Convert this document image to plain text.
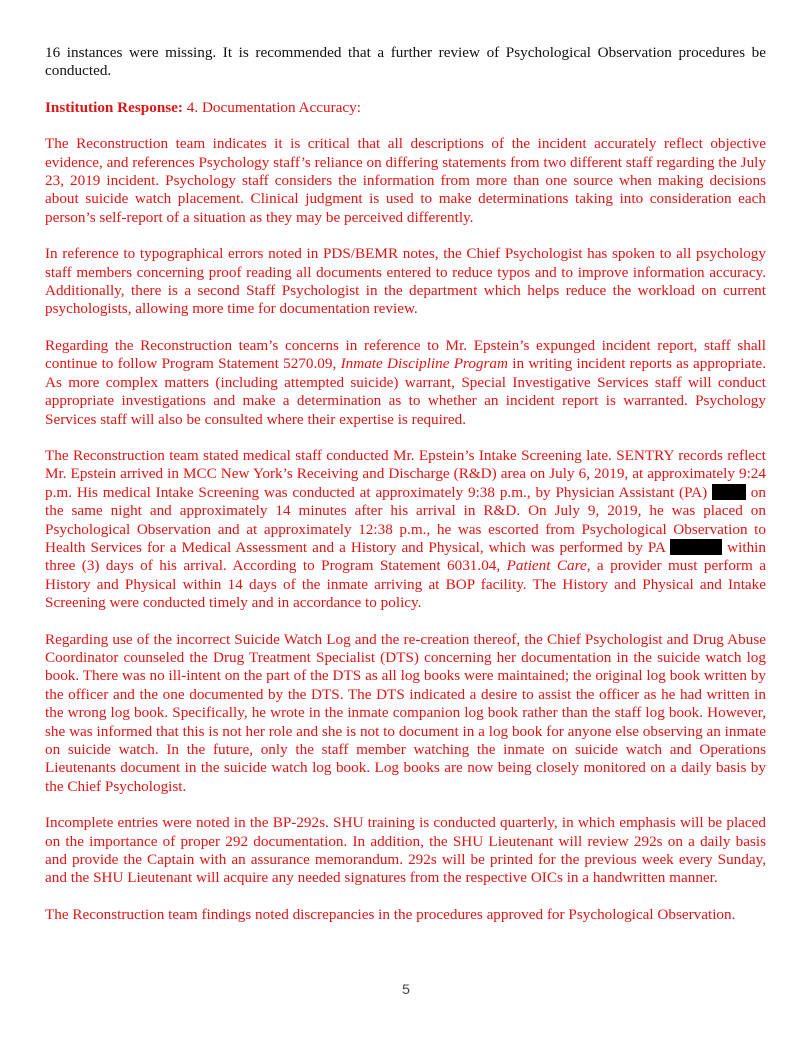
16 instances were missing. It is recommended that a further review of Psychological Observation procedures be conducted.

Institution Response: 4. Documentation Accuracy:

The Reconstruction team indicates it is critical that all descriptions of the incident accurately reflect objective evidence, and references Psychology staff’s reliance on differing statements from two different staff regarding the July 23, 2019 incident. Psychology staff considers the information from more than one source when making decisions about suicide watch placement. Clinical judgment is used to make determinations taking into consideration each person’s self-report of a situation as they may be perceived differently.

In reference to typographical errors noted in PDS/BEMR notes, the Chief Psychologist has spoken to all psychology staff members concerning proof reading all documents entered to reduce typos and to improve information accuracy. Additionally, there is a second Staff Psychologist in the department which helps reduce the workload on current psychologists, allowing more time for documentation review.

Regarding the Reconstruction team’s concerns in reference to Mr. Epstein’s expunged incident report, staff shall continue to follow Program Statement 5270.09, Inmate Discipline Program in writing incident reports as appropriate. As more complex matters (including attempted suicide) warrant, Special Investigative Services staff will conduct appropriate investigations and make a determination as to whether an incident report is warranted. Psychology Services staff will also be consulted where their expertise is required.

The Reconstruction team stated medical staff conducted Mr. Epstein’s Intake Screening late. SENTRY records reflect Mr. Epstein arrived in MCC New York’s Receiving and Discharge (R&D) area on July 6, 2019, at approximately 9:24 p.m. His medical Intake Screening was conducted at approximately 9:38 p.m., by Physician Assistant (PA)  on the same night and approximately 14 minutes after his arrival in R&D. On July 9, 2019, he was placed on Psychological Observation and at approximately 12:38 p.m., he was escorted from Psychological Observation to Health Services for a Medical Assessment and a History and Physical, which was performed by PA	within three (3) days of his arrival. According to Program Statement 6031.04, Patient Care, a provider must perform a History and Physical within 14 days of the inmate arriving at BOP facility. The History and Physical and Intake Screening were conducted timely and in accordance to policy.

Regarding use of the incorrect Suicide Watch Log and the re-creation thereof, the Chief Psychologist and Drug Abuse Coordinator counseled the Drug Treatment Specialist (DTS) concerning her documentation in the suicide watch log book. There was no ill-intent on the part of the DTS as all log books were maintained; the original log book written by the officer and the one documented by the DTS. The DTS indicated a desire to assist the officer as he had written in the wrong log book. Specifically, he wrote in the inmate companion log book rather than the staff log book. However, she was informed that this is not her role and she is not to document in a log book for anyone else observing an inmate on suicide watch. In the future, only the staff member watching the inmate on suicide watch and Operations Lieutenants document in the suicide watch log book. Log books are now being closely monitored on a daily basis by the Chief Psychologist.

Incomplete entries were noted in the BP-292s. SHU training is conducted quarterly, in which emphasis will be placed on the importance of proper 292 documentation. In addition, the SHU Lieutenant will review 292s on a daily basis and provide the Captain with an assurance memorandum. 292s will be printed for the previous week every Sunday, and the SHU Lieutenant will acquire any needed signatures from the respective OICs in a handwritten manner.

The Reconstruction team findings noted discrepancies in the procedures approved for Psychological Observation.

5
